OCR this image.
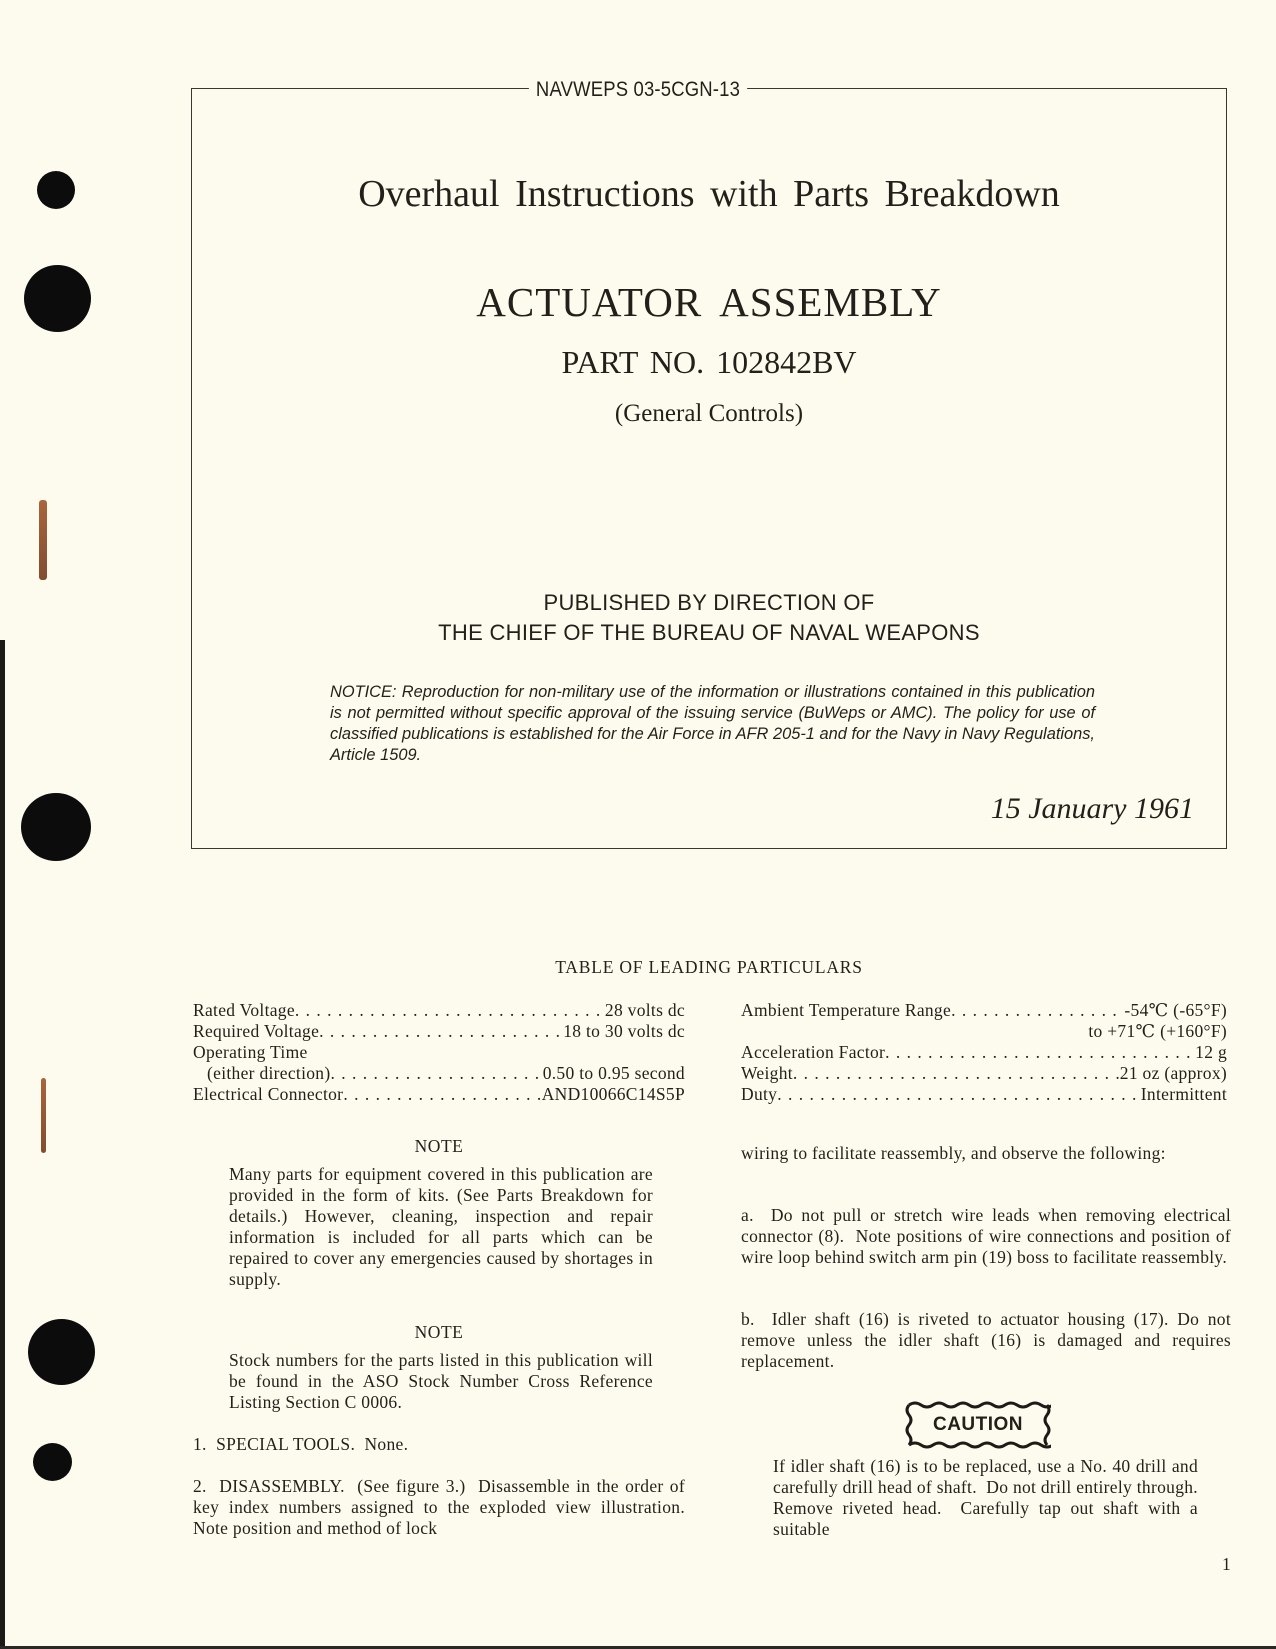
NAVWEPS 03-5CGN-13
Overhaul Instructions with Parts Breakdown
ACTUATOR ASSEMBLY
PART NO. 102842BV
(General Controls)
PUBLISHED BY DIRECTION OF
THE CHIEF OF THE BUREAU OF NAVAL WEAPONS
NOTICE: Reproduction for non-military use of the information or illustrations contained in this publication is not permitted without specific approval of the issuing service (BuWeps or AMC). The policy for use of classified publications is established for the Air Force in AFR 205-1 and for the Navy in Navy Regulations, Article 1509.
15 January 1961
TABLE OF LEADING PARTICULARS
Rated Voltage . . .	28 volts dc
Required Voltage . . .	18 to 30 volts dc
Operating Time
(either direction) . . .	0.50 to 0.95 second
Electrical Connector . . .	AND10066C14S5P
Ambient Temperature Range . . .	-54℃ (-65°F)
to +71℃ (+160°F)
Acceleration Factor . . .	12 g
Weight . . .	21 oz (approx)
Duty . . .	Intermittent
NOTE
Many parts for equipment covered in this publication are provided in the form of kits. (See Parts Breakdown for details.) However, cleaning, inspection and repair information is included for all parts which can be repaired to cover any emergencies caused by shortages in supply.
NOTE
Stock numbers for the parts listed in this publication will be found in the ASO Stock Number Cross Reference Listing Section C 0006.
1.  SPECIAL TOOLS.  None.
2.  DISASSEMBLY.  (See figure 3.)  Disassemble in the order of key index numbers assigned to the exploded view illustration.  Note position and method of lock
wiring to facilitate reassembly, and observe the following:
a.  Do not pull or stretch wire leads when removing electrical connector (8).  Note positions of wire connections and position of wire loop behind switch arm pin (19) boss to facilitate reassembly.
b.  Idler shaft (16) is riveted to actuator housing (17). Do not remove unless the idler shaft (16) is damaged and requires replacement.
CAUTION
If idler shaft (16) is to be replaced, use a No. 40 drill and carefully drill head of shaft.  Do not drill entirely through.  Remove riveted head.  Carefully tap out shaft with a suitable
1
